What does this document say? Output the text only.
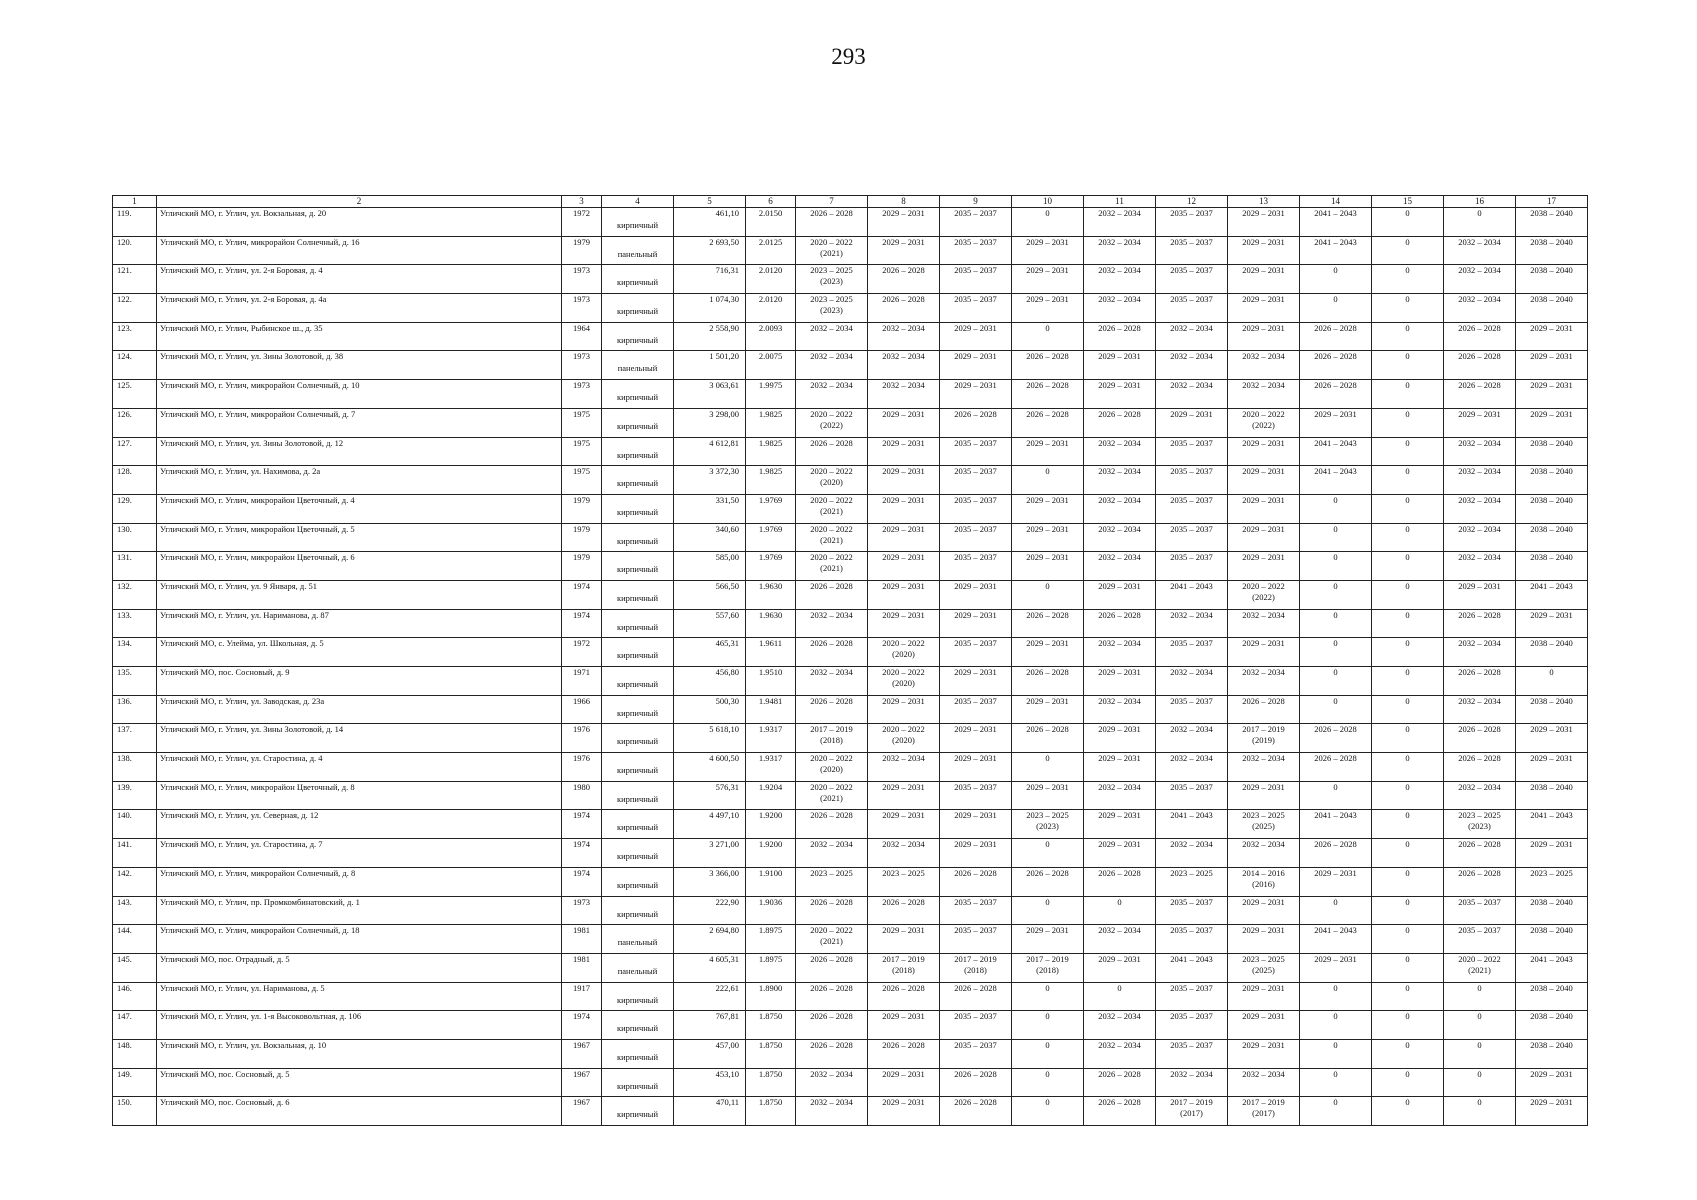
293
1	2	3	4	5	6	7	8	9	10	11	12	13	14	15	16	17

119.	Угличский МО, г. Углич, ул. Вокзальная, д. 20	1972	кирпичный	461,10	2.0150	2026 – 2028	2029 – 2031	2035 – 2037	0	2032 – 2034	2035 – 2037	2029 – 2031	2041 – 2043	0	0	2038 – 2040

120.	Угличский МО, г. Углич, микрорайон Солнечный, д. 16	1979	панельный	2 693,50	2.0125	2020 – 2022
(2021)	2029 – 2031	2035 – 2037	2029 – 2031	2032 – 2034	2035 – 2037	2029 – 2031	2041 – 2043	0	2032 – 2034	2038 – 2040

121.	Угличский МО, г. Углич, ул. 2-я Боровая, д. 4	1973	кирпичный	716,31	2.0120	2023 – 2025
(2023)	2026 – 2028	2035 – 2037	2029 – 2031	2032 – 2034	2035 – 2037	2029 – 2031	0	0	2032 – 2034	2038 – 2040

122.	Угличский МО, г. Углич, ул. 2-я Боровая, д. 4а	1973	кирпичный	1 074,30	2.0120	2023 – 2025
(2023)	2026 – 2028	2035 – 2037	2029 – 2031	2032 – 2034	2035 – 2037	2029 – 2031	0	0	2032 – 2034	2038 – 2040

123.	Угличский МО, г. Углич, Рыбинское ш., д. 35	1964	кирпичный	2 558,90	2.0093	2032 – 2034	2032 – 2034	2029 – 2031	0	2026 – 2028	2032 – 2034	2029 – 2031	2026 – 2028	0	2026 – 2028	2029 – 2031

124.	Угличский МО, г. Углич, ул. Зины Золотовой, д. 38	1973	панельный	1 501,20	2.0075	2032 – 2034	2032 – 2034	2029 – 2031	2026 – 2028	2029 – 2031	2032 – 2034	2032 – 2034	2026 – 2028	0	2026 – 2028	2029 – 2031

125.	Угличский МО, г. Углич, микрорайон Солнечный, д. 10	1973	кирпичный	3 063,61	1.9975	2032 – 2034	2032 – 2034	2029 – 2031	2026 – 2028	2029 – 2031	2032 – 2034	2032 – 2034	2026 – 2028	0	2026 – 2028	2029 – 2031

126.	Угличский МО, г. Углич, микрорайон Солнечный, д. 7	1975	кирпичный	3 298,00	1.9825	2020 – 2022
(2022)	2029 – 2031	2026 – 2028	2026 – 2028	2026 – 2028	2029 – 2031	2020 – 2022
(2022)	2029 – 2031	0	2029 – 2031	2029 – 2031

127.	Угличский МО, г. Углич, ул. Зины Золотовой, д. 12	1975	кирпичный	4 612,81	1.9825	2026 – 2028	2029 – 2031	2035 – 2037	2029 – 2031	2032 – 2034	2035 – 2037	2029 – 2031	2041 – 2043	0	2032 – 2034	2038 – 2040

128.	Угличский МО, г. Углич, ул. Нахимова, д. 2а	1975	кирпичный	3 372,30	1.9825	2020 – 2022
(2020)	2029 – 2031	2035 – 2037	0	2032 – 2034	2035 – 2037	2029 – 2031	2041 – 2043	0	2032 – 2034	2038 – 2040

129.	Угличский МО, г. Углич, микрорайон Цветочный, д. 4	1979	кирпичный	331,50	1.9769	2020 – 2022
(2021)	2029 – 2031	2035 – 2037	2029 – 2031	2032 – 2034	2035 – 2037	2029 – 2031	0	0	2032 – 2034	2038 – 2040

130.	Угличский МО, г. Углич, микрорайон Цветочный, д. 5	1979	кирпичный	340,60	1.9769	2020 – 2022
(2021)	2029 – 2031	2035 – 2037	2029 – 2031	2032 – 2034	2035 – 2037	2029 – 2031	0	0	2032 – 2034	2038 – 2040

131.	Угличский МО, г. Углич, микрорайон Цветочный, д. 6	1979	кирпичный	585,00	1.9769	2020 – 2022
(2021)	2029 – 2031	2035 – 2037	2029 – 2031	2032 – 2034	2035 – 2037	2029 – 2031	0	0	2032 – 2034	2038 – 2040

132.	Угличский МО, г. Углич, ул. 9 Января, д. 51	1974	кирпичный	566,50	1.9630	2026 – 2028	2029 – 2031	2029 – 2031	0	2029 – 2031	2041 – 2043	2020 – 2022
(2022)	0	0	2029 – 2031	2041 – 2043

133.	Угличский МО, г. Углич, ул. Нариманова, д. 87	1974	кирпичный	557,60	1.9630	2032 – 2034	2029 – 2031	2029 – 2031	2026 – 2028	2026 – 2028	2032 – 2034	2032 – 2034	0	0	2026 – 2028	2029 – 2031

134.	Угличский МО, с. Улейма, ул. Школьная, д. 5	1972	кирпичный	465,31	1.9611	2026 – 2028	2020 – 2022
(2020)	2035 – 2037	2029 – 2031	2032 – 2034	2035 – 2037	2029 – 2031	0	0	2032 – 2034	2038 – 2040

135.	Угличский МО, пос. Сосновый, д. 9	1971	кирпичный	456,80	1.9510	2032 – 2034	2020 – 2022
(2020)	2029 – 2031	2026 – 2028	2029 – 2031	2032 – 2034	2032 – 2034	0	0	2026 – 2028	0

136.	Угличский МО, г. Углич, ул. Заводская, д. 23а	1966	кирпичный	500,30	1.9481	2026 – 2028	2029 – 2031	2035 – 2037	2029 – 2031	2032 – 2034	2035 – 2037	2026 – 2028	0	0	2032 – 2034	2038 – 2040

137.	Угличский МО, г. Углич, ул. Зины Золотовой, д. 14	1976	кирпичный	5 618,10	1.9317	2017 – 2019
(2018)	2020 – 2022
(2020)	2029 – 2031	2026 – 2028	2029 – 2031	2032 – 2034	2017 – 2019
(2019)	2026 – 2028	0	2026 – 2028	2029 – 2031

138.	Угличский МО, г. Углич, ул. Старостина, д. 4	1976	кирпичный	4 600,50	1.9317	2020 – 2022
(2020)	2032 – 2034	2029 – 2031	0	2029 – 2031	2032 – 2034	2032 – 2034	2026 – 2028	0	2026 – 2028	2029 – 2031

139.	Угличский МО, г. Углич, микрорайон Цветочный, д. 8	1980	кирпичный	576,31	1.9204	2020 – 2022
(2021)	2029 – 2031	2035 – 2037	2029 – 2031	2032 – 2034	2035 – 2037	2029 – 2031	0	0	2032 – 2034	2038 – 2040

140.	Угличский МО, г. Углич, ул. Северная, д. 12	1974	кирпичный	4 497,10	1.9200	2026 – 2028	2029 – 2031	2029 – 2031	2023 – 2025
(2023)	2029 – 2031	2041 – 2043	2023 – 2025
(2025)	2041 – 2043	0	2023 – 2025
(2023)	2041 – 2043

141.	Угличский МО, г. Углич, ул. Старостина, д. 7	1974	кирпичный	3 271,00	1.9200	2032 – 2034	2032 – 2034	2029 – 2031	0	2029 – 2031	2032 – 2034	2032 – 2034	2026 – 2028	0	2026 – 2028	2029 – 2031

142.	Угличский МО, г. Углич, микрорайон Солнечный, д. 8	1974	кирпичный	3 366,00	1.9100	2023 – 2025	2023 – 2025	2026 – 2028	2026 – 2028	2026 – 2028	2023 – 2025	2014 – 2016
(2016)	2029 – 2031	0	2026 – 2028	2023 – 2025

143.	Угличский МО, г. Углич, пр. Промкомбинатовский, д. 1	1973	кирпичный	222,90	1.9036	2026 – 2028	2026 – 2028	2035 – 2037	0	0	2035 – 2037	2029 – 2031	0	0	2035 – 2037	2038 – 2040

144.	Угличский МО, г. Углич, микрорайон Солнечный, д. 18	1981	панельный	2 694,80	1.8975	2020 – 2022
(2021)	2029 – 2031	2035 – 2037	2029 – 2031	2032 – 2034	2035 – 2037	2029 – 2031	2041 – 2043	0	2035 – 2037	2038 – 2040

145.	Угличский МО, пос. Отрадный, д. 5	1981	панельный	4 605,31	1.8975	2026 – 2028	2017 – 2019
(2018)	2017 – 2019
(2018)	2017 – 2019
(2018)	2029 – 2031	2041 – 2043	2023 – 2025
(2025)	2029 – 2031	0	2020 – 2022
(2021)	2041 – 2043

146.	Угличский МО, г. Углич, ул. Нариманова, д. 5	1917	кирпичный	222,61	1.8900	2026 – 2028	2026 – 2028	2026 – 2028	0	0	2035 – 2037	2029 – 2031	0	0	0	2038 – 2040

147.	Угличский МО, г. Углич, ул. 1-я Высоковольтная, д. 106	1974	кирпичный	767,81	1.8750	2026 – 2028	2029 – 2031	2035 – 2037	0	2032 – 2034	2035 – 2037	2029 – 2031	0	0	0	2038 – 2040

148.	Угличский МО, г. Углич, ул. Вокзальная, д. 10	1967	кирпичный	457,00	1.8750	2026 – 2028	2026 – 2028	2035 – 2037	0	2032 – 2034	2035 – 2037	2029 – 2031	0	0	0	2038 – 2040

149.	Угличский МО, пос. Сосновый, д. 5	1967	кирпичный	453,10	1.8750	2032 – 2034	2029 – 2031	2026 – 2028	0	2026 – 2028	2032 – 2034	2032 – 2034	0	0	0	2029 – 2031

150.	Угличский МО, пос. Сосновый, д. 6	1967	кирпичный	470,11	1.8750	2032 – 2034	2029 – 2031	2026 – 2028	0	2026 – 2028	2017 – 2019
(2017)	2017 – 2019
(2017)	0	0	0	2029 – 2031
